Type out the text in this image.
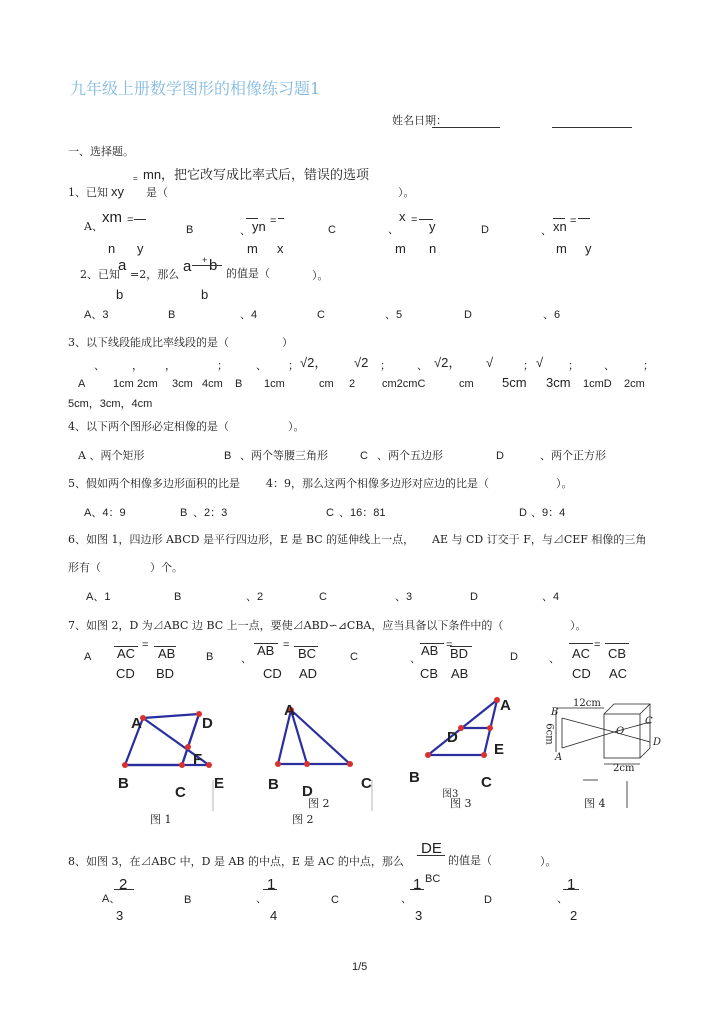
九年级上册数学图形的相像练习题1
姓名日期：
一、选择题。
= mn，把它改写成比率式后，错误的选项
1、已知 xy 是（	）。
A、
xm =
n y
B	、 yn =
m x
C	、
x = y
m n
D	、 xn =
m y
2、已知
a
=2，那么 a + b 的值是（	）。
b	b
A、3	B	、4	C	、5	D	、6
3、以下线段能成比率线段的是（	）
、 ， ，	；	、 ； √2， √2 ； 、 √2， √	； √ ； 、	；
A	1cm 2cm 3cm 4cm B 1cm	cm 2 cm2cmC	cm 5cm 3cm 1cmD 2cm
5cm，3cm，4cm
4、以下两个图形必定相像的是（	）。
A 、两个矩形	B 、两个等腰三角形	C 、两个五边形	D	、两个正方形
5、假如两个相像多边形面积的比是 4：9，那么这两个相像多边形对应边的比是（	）。
A、4：9	B 、2：3	C 、16：81	D 、9：4
6、如图 1，四边形 ABCD 是平行四边形，E 是 BC 的延伸线上一点， AE 与 CD 订交于 F，与⊿CEF 相像的三角
形有（	）个。
A、1	B	、2	C	、3	D	、4
7、如图 2，D 为⊿ABC 边 BC 上一点，要使⊿ABD∽⊿CBA，应当具备以下条件中的（	）。
A AC
=
AB
CD BD
B	、
AB =
BC
CD AD
C	、
AB =
BD
CB AB
D	、 AC
=
CB
CD AC
A	D
F
B
C
E
图 1
A
B D	C
图 2
图 2
A
D
E
B	C
图3
图 3
12cm
6cm
2cm
B
A
O
C
D
图 4
8、如图 3，在⊿ABC 中，D 是 AB 的中点，E 是 AC 的中点，那么
DE
BC
的值是（	）。
A、
2
3
B	、
1
4
C	、
1
3
D	、
1
2
1/5
